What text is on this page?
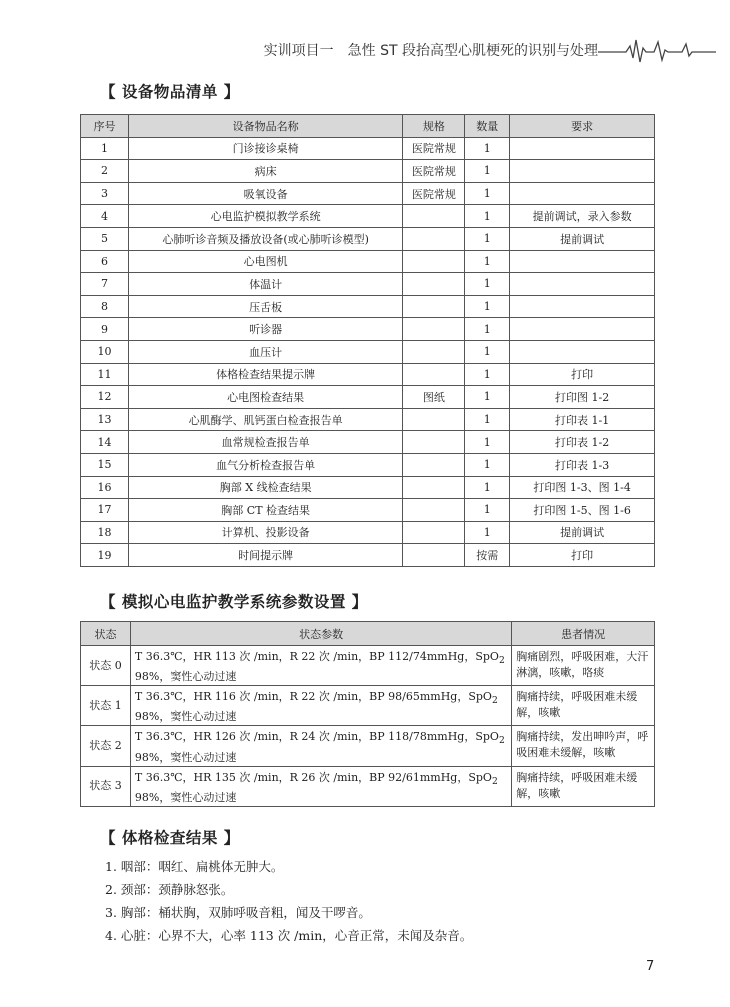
实训项目一　急性 ST 段抬高型心肌梗死的识别与处理
【 设备物品清单 】
序号	设备物品名称	规格	数量	要求
1	门诊接诊桌椅	医院常规	1	
2	病床	医院常规	1	
3	吸氧设备	医院常规	1	
4	心电监护模拟教学系统		1	提前调试，录入参数
5	心肺听诊音频及播放设备(或心肺听诊模型)		1	提前调试
6	心电图机		1	
7	体温计		1	
8	压舌板		1	
9	听诊器		1	
10	血压计		1	
11	体格检查结果提示牌		1	打印
12	心电图检查结果	图纸	1	打印图 1-2
13	心肌酶学、肌钙蛋白检查报告单		1	打印表 1-1
14	血常规检查报告单		1	打印表 1-2
15	血气分析检查报告单		1	打印表 1-3
16	胸部 X 线检查结果		1	打印图 1-3、图 1-4
17	胸部 CT 检查结果		1	打印图 1-5、图 1-6
18	计算机、投影设备		1	提前调试
19	时间提示牌		按需	打印
【 模拟心电监护教学系统参数设置 】
状态	状态参数	患者情况
状态 0	T 36.3℃，HR 113 次 /min，R 22 次 /min，BP 112/74mmHg，SpO$_2$ 98%，窦性心动过速	胸痛剧烈，呼吸困难，大汗淋漓，咳嗽，咯痰
状态 1	T 36.3℃，HR 116 次 /min，R 22 次 /min，BP 98/65mmHg，SpO$_2$ 98%，窦性心动过速	胸痛持续，呼吸困难未缓解，咳嗽
状态 2	T 36.3℃，HR 126 次 /min，R 24 次 /min，BP 118/78mmHg，SpO$_2$ 98%，窦性心动过速	胸痛持续，发出呻吟声，呼吸困难未缓解，咳嗽
状态 3	T 36.3℃，HR 135 次 /min，R 26 次 /min，BP 92/61mmHg，SpO$_2$ 98%，窦性心动过速	胸痛持续，呼吸困难未缓解，咳嗽
【 体格检查结果 】
1. 咽部：咽红、扁桃体无肿大。
2. 颈部：颈静脉怒张。
3. 胸部：桶状胸，双肺呼吸音粗，闻及干啰音。
4. 心脏：心界不大，心率 113 次 /min，心音正常，未闻及杂音。
7
